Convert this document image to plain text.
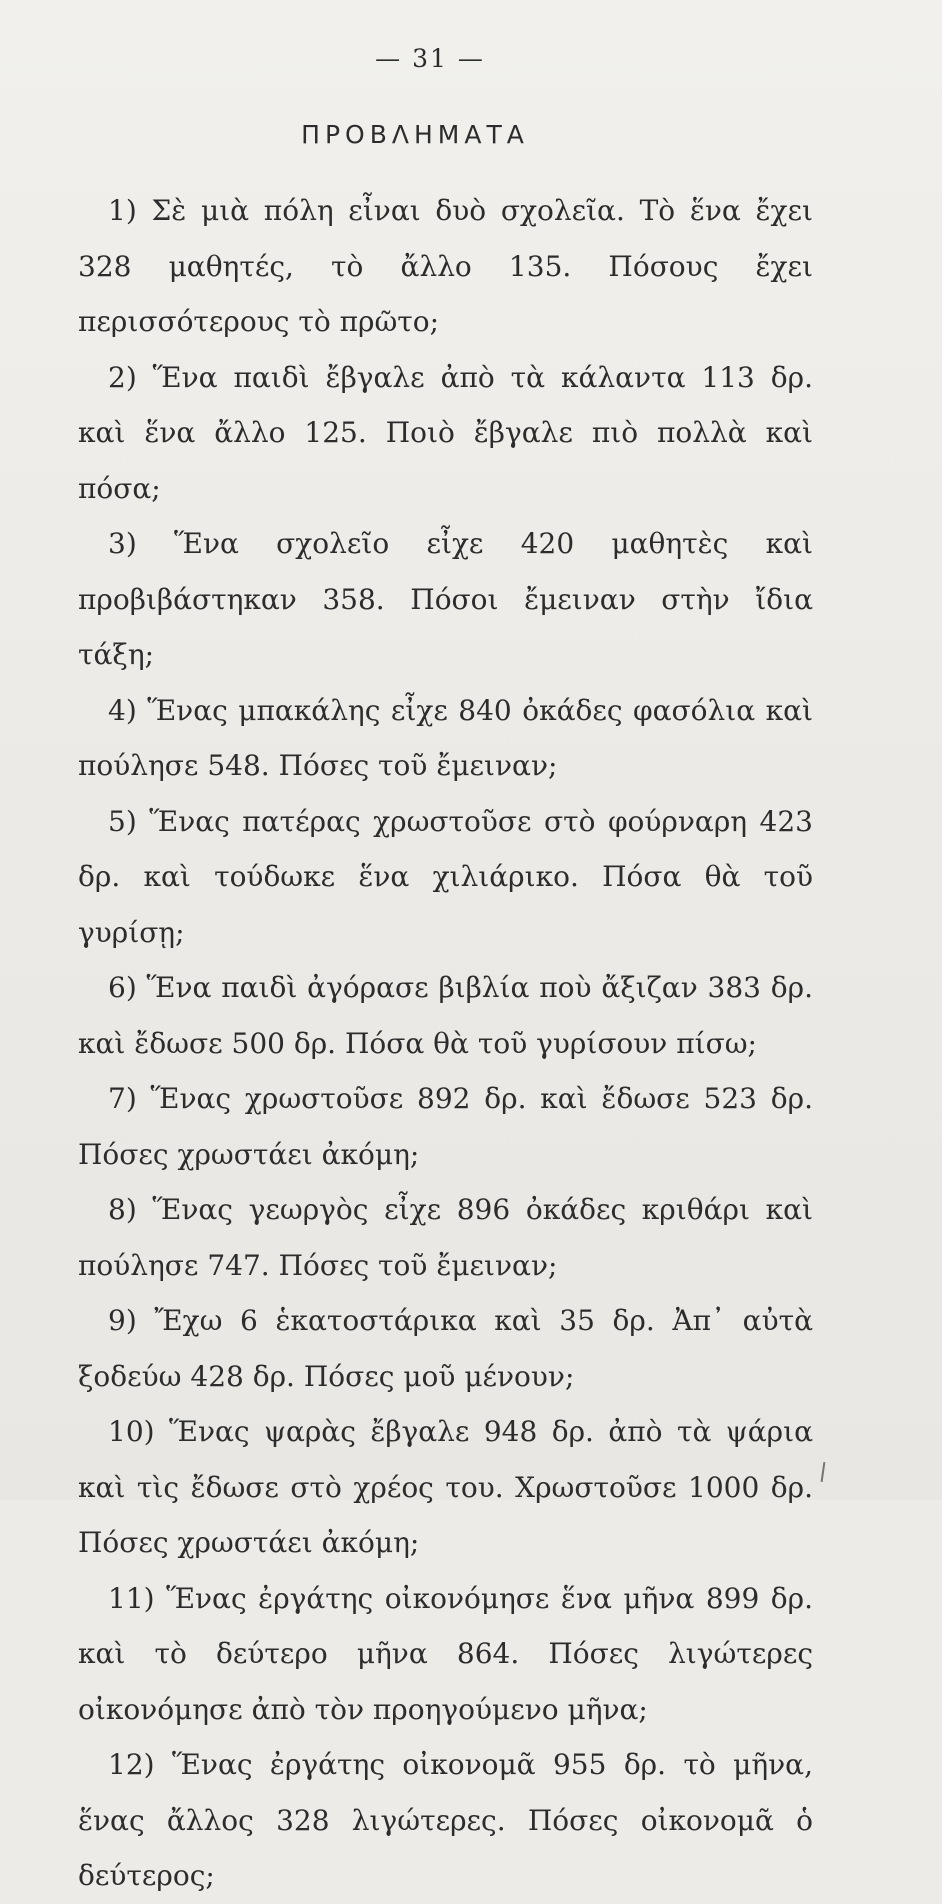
— 31 —
ΠΡΟΒΛΗΜΑΤΑ

1) Σὲ μιὰ πόλη εἶναι δυὸ σχολεῖα. Τὸ ἕνα ἔχει 328 μαθητές, τὸ ἄλλο 135. Πόσους ἔχει περισσότερους τὸ πρῶτο;

2) Ἕνα παιδὶ ἔβγαλε ἀπὸ τὰ κάλαντα 113 δρ. καὶ ἕνα ἄλλο 125. Ποιὸ ἔβγαλε πιὸ πολλὰ καὶ πόσα;

3) Ἕνα σχολεῖο εἶχε 420 μαθητὲς καὶ προβιβάστηκαν 358. Πόσοι ἔμειναν στὴν ἴδια τάξη;

4) Ἕνας μπακάλης εἶχε 840 ὀκάδες φασόλια καὶ πούλησε 548. Πόσες τοῦ ἔμειναν;

5) Ἕνας πατέρας χρωστοῦσε στὸ φούρναρη 423 δρ. καὶ τούδωκε ἕνα χιλιάρικο. Πόσα θὰ τοῦ γυρίσῃ;

6) Ἕνα παιδὶ ἀγόρασε βιβλία ποὺ ἄξιζαν 383 δρ. καὶ ἔδωσε 500 δρ. Πόσα θὰ τοῦ γυρίσουν πίσω;

7) Ἕνας χρωστοῦσε 892 δρ. καὶ ἔδωσε 523 δρ. Πόσες χρωστάει ἀκόμη;

8) Ἕνας γεωργὸς εἶχε 896 ὀκάδες κριθάρι καὶ πούλησε 747. Πόσες τοῦ ἔμειναν;

9) Ἔχω 6 ἑκατοστάρικα καὶ 35 δρ. Ἀπ᾿ αὐτὰ ξοδεύω 428 δρ. Πόσες μοῦ μένουν;

10) Ἕνας ψαρὰς ἔβγαλε 948 δρ. ἀπὸ τὰ ψάρια καὶ τὶς ἔδωσε στὸ χρέος του. Χρωστοῦσε 1000 δρ. Πόσες χρωστάει ἀκόμη;

11) Ἕνας ἐργάτης οἰκονόμησε ἕνα μῆνα 899 δρ. καὶ τὸ δεύτερο μῆνα 864. Πόσες λιγώτερες οἰκονόμησε ἀπὸ τὸν προηγούμενο μῆνα;

12) Ἕνας ἐργάτης οἰκονομᾶ 955 δρ. τὸ μῆνα, ἕνας ἄλλος 328 λιγώτερες. Πόσες οἰκονομᾶ ὁ δεύτερος;
